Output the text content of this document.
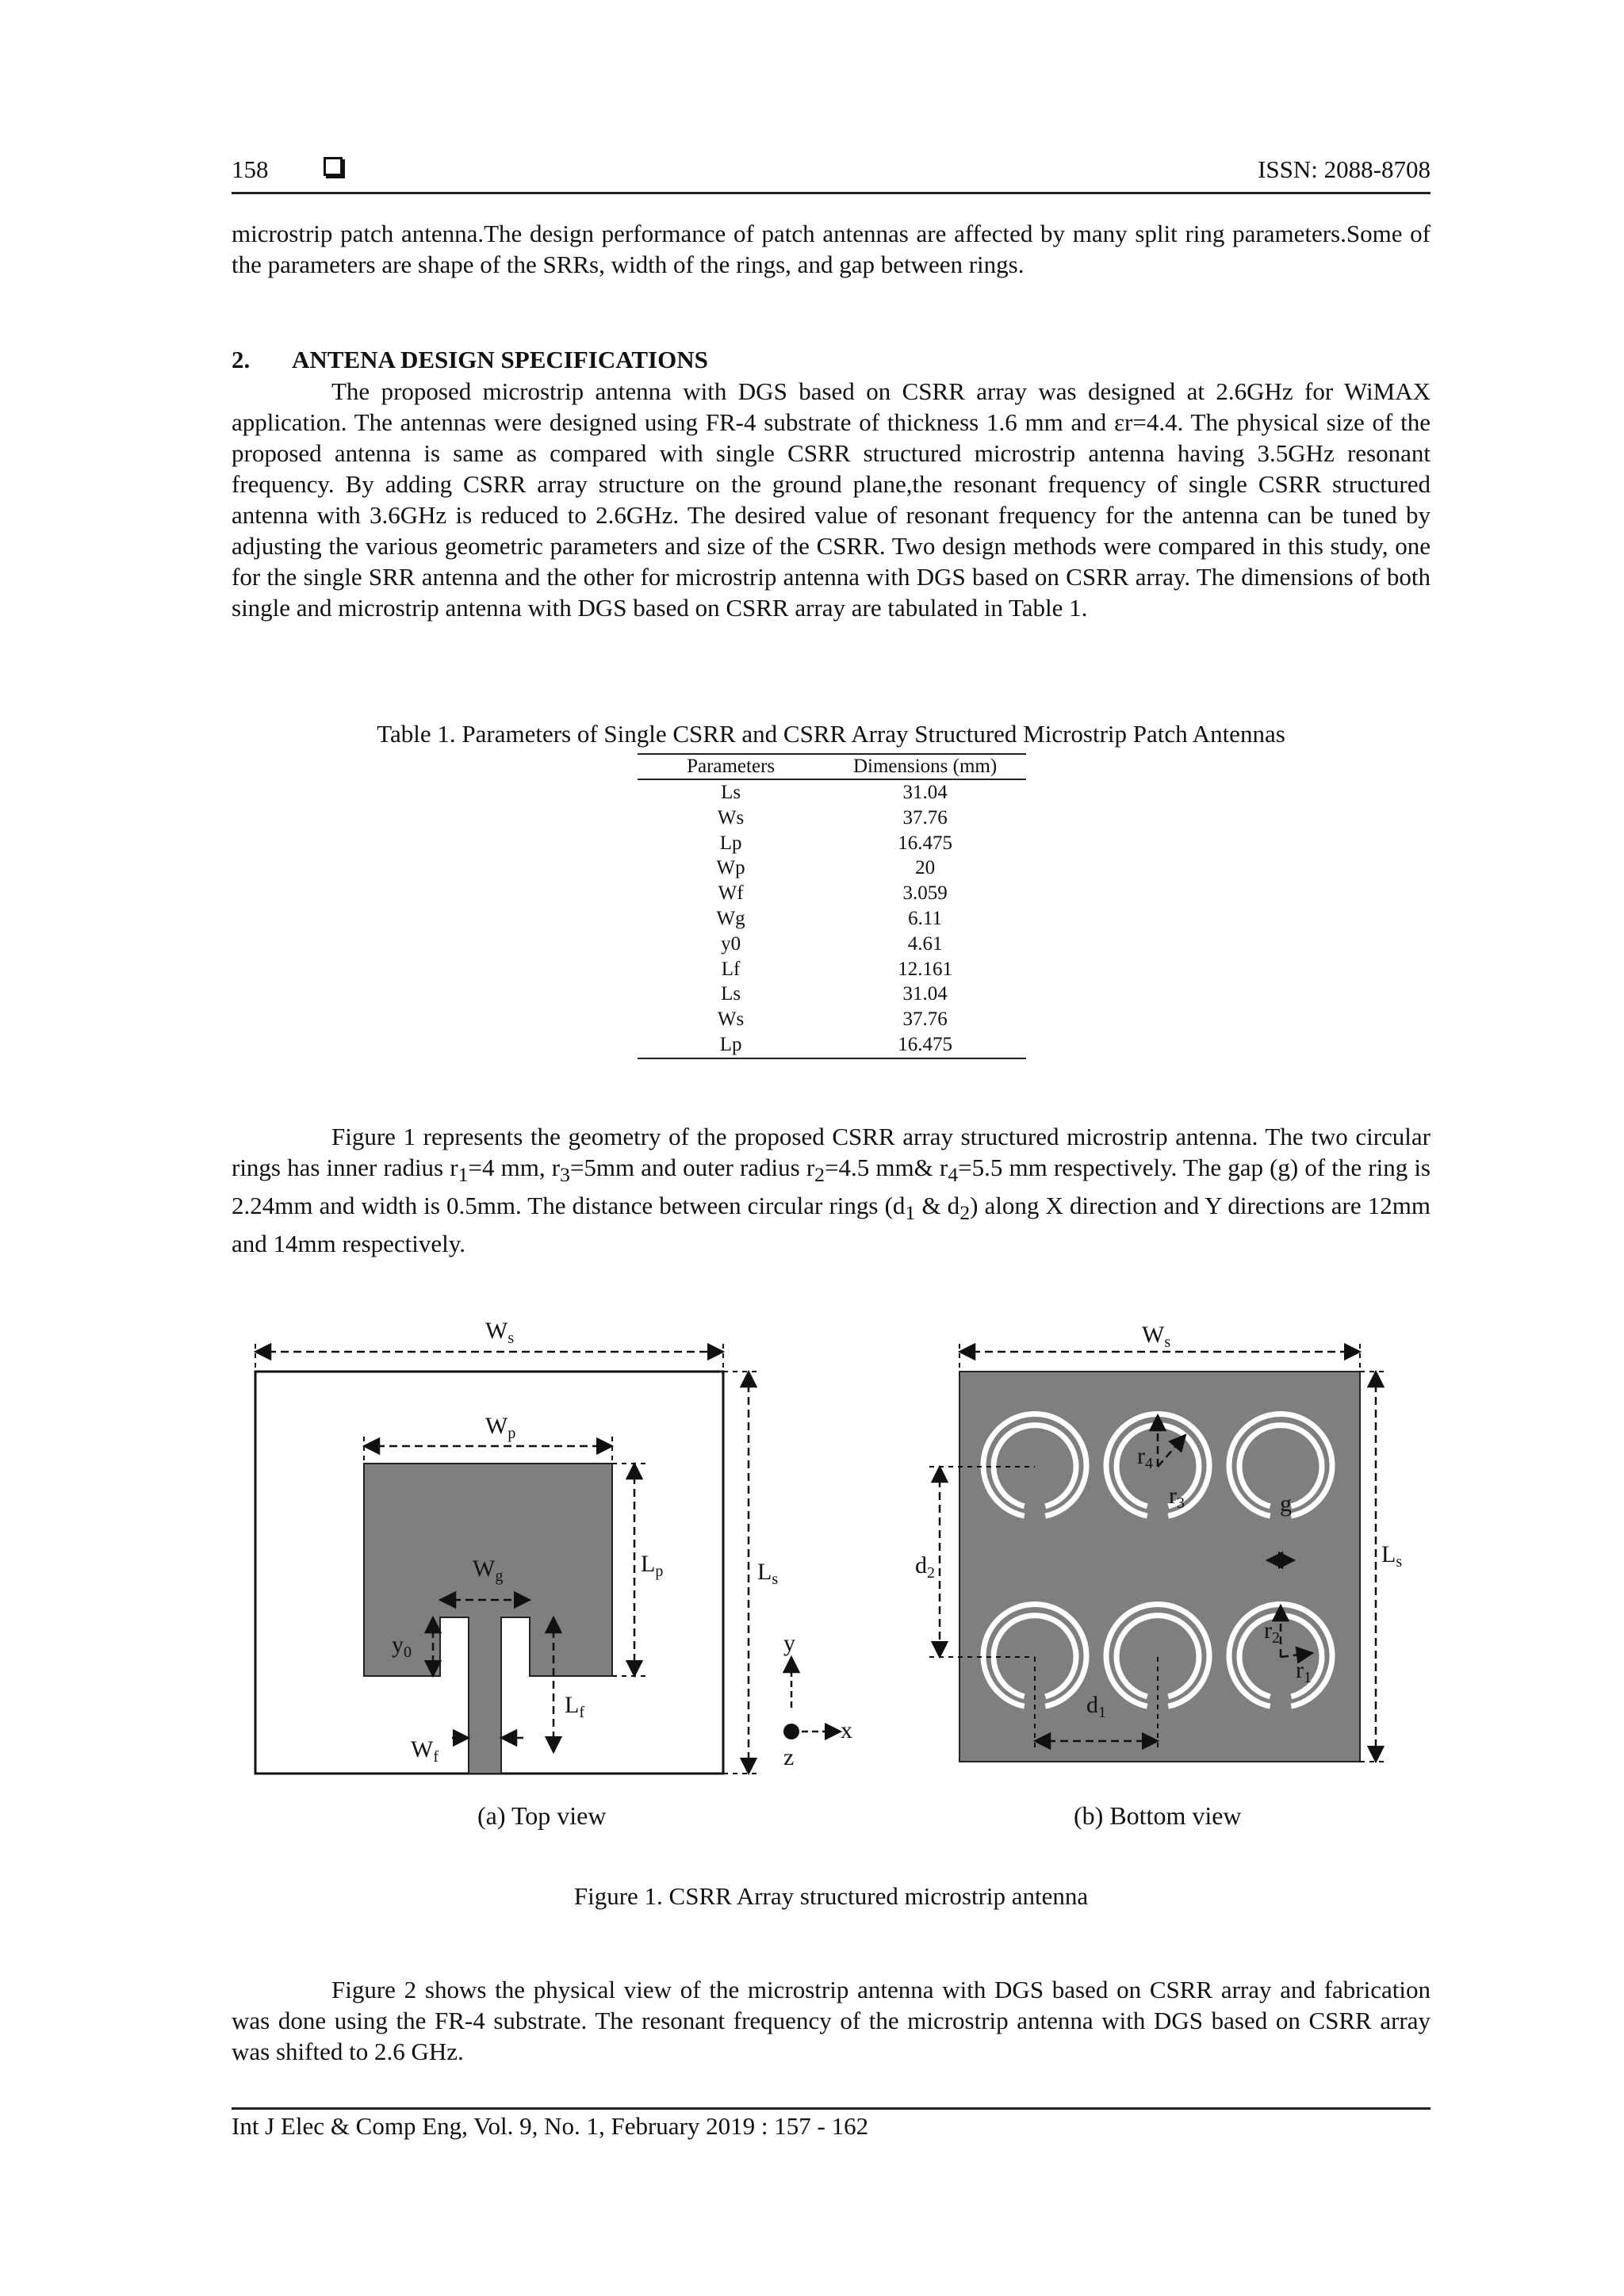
158	ISSN: 2088-8708
microstrip patch antenna.The design performance of patch antennas are affected by many split ring parameters.Some of the parameters are shape of the SRRs, width of the rings, and gap between rings.
2. ANTENA DESIGN SPECIFICATIONS
The proposed microstrip antenna with DGS based on CSRR array was designed at 2.6GHz for WiMAX application. The antennas were designed using FR-4 substrate of thickness 1.6 mm and εr=4.4. The physical size of the proposed antenna is same as compared with single CSRR structured microstrip antenna having 3.5GHz resonant frequency. By adding CSRR array structure on the ground plane,the resonant frequency of single CSRR structured antenna with 3.6GHz is reduced to 2.6GHz. The desired value of resonant frequency for the antenna can be tuned by adjusting the various geometric parameters and size of the CSRR. Two design methods were compared in this study, one for the single SRR antenna and the other for microstrip antenna with DGS based on CSRR array. The dimensions of both single and microstrip antenna with DGS based on CSRR array are tabulated in Table 1.
Table 1. Parameters of Single CSRR and CSRR Array Structured Microstrip Patch Antennas
Parameters	Dimensions (mm)
Ls	31.04
Ws	37.76
Lp	16.475
Wp	20
Wf	3.059
Wg	6.11
y0	4.61
Lf	12.161
Ls	31.04
Ws	37.76
Lp	16.475
Figure 1 represents the geometry of the proposed CSRR array structured microstrip antenna. The two circular rings has inner radius $r_1=4$ mm, $r_3=5mm$ and outer radius $r_2=4.5$ mm& $r_4=5.5$ mm respectively. The gap (g) of the ring is 2.24mm and width is 0.5mm. The distance between circular rings ($d_1$ & $d_2$) along X direction and Y directions are 12mm and 14mm respectively.
$W_s$
$W_p$
$W_g$	$L_p$	$L_s$
$y_0$
$L_f$
$W_f$
y
x
z
$W_s$
$L_s$
$d_2$
$d_1$
$r_4$
$r_3$
$r_2$
$r_1$
g
(a) Top view	(b) Bottom view
Figure 1. CSRR Array structured microstrip antenna
Figure 2 shows the physical view of the microstrip antenna with DGS based on CSRR array and fabrication was done using the FR-4 substrate. The resonant frequency of the microstrip antenna with DGS based on CSRR array was shifted to 2.6 GHz.
Int J Elec & Comp Eng, Vol. 9, No. 1, February 2019 : 157 - 162
